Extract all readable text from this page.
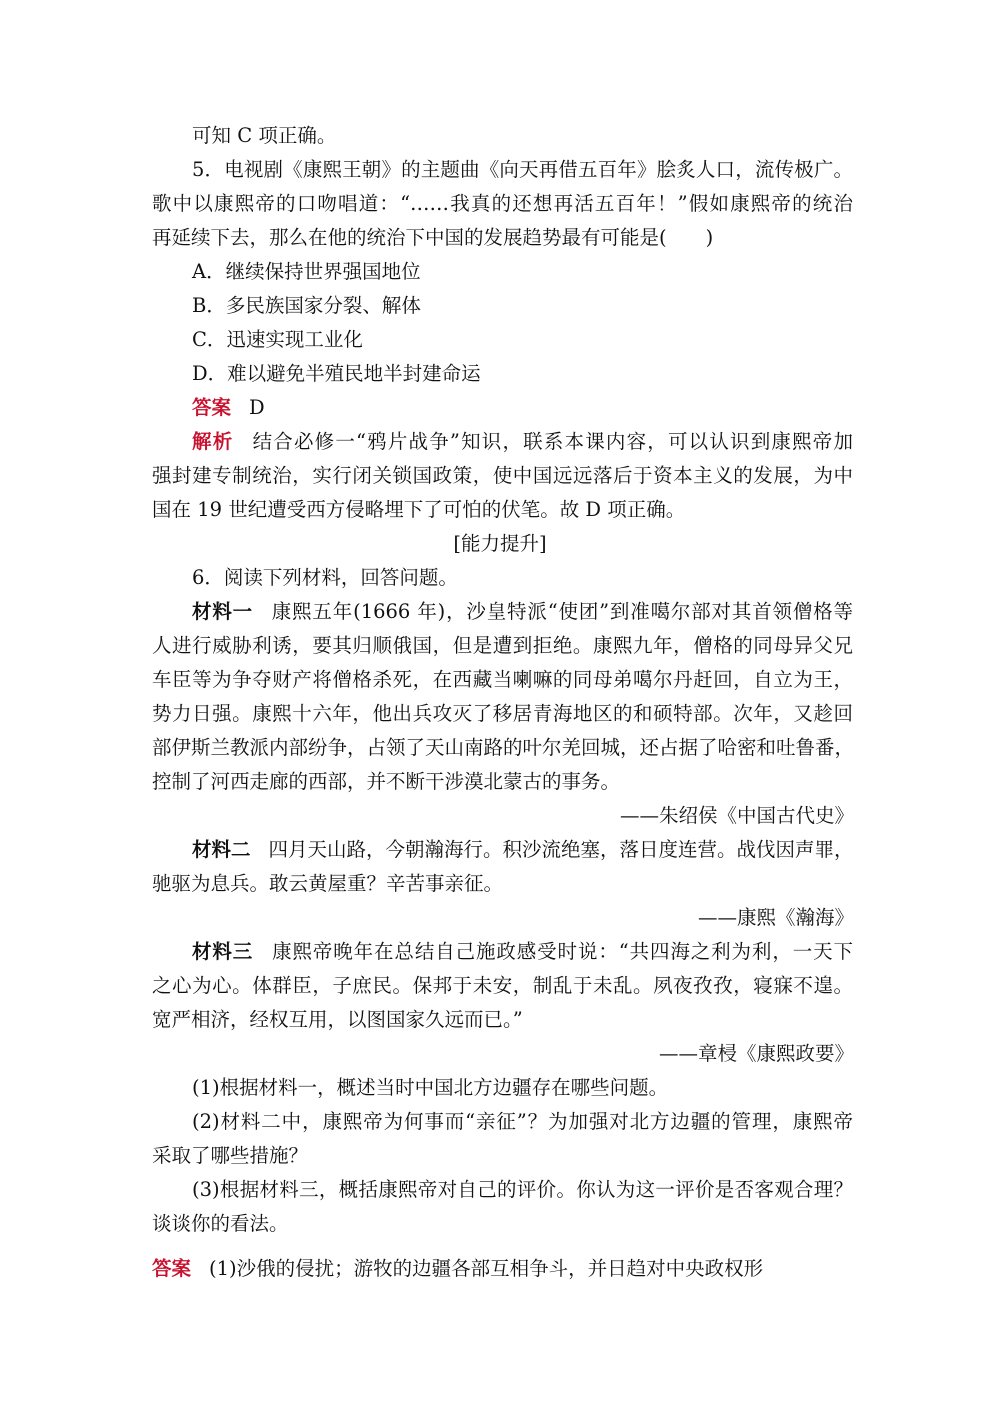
可知 C 项正确。
5．电视剧《康熙王朝》的主题曲《向天再借五百年》脍炙人口，流传极广。
歌中以康熙帝的口吻唱道：“……我真的还想再活五百年！”假如康熙帝的统治
再延续下去，那么在他的统治下中国的发展趋势最有可能是(　　)
A．继续保持世界强国地位
B．多民族国家分裂、解体
C．迅速实现工业化
D．难以避免半殖民地半封建命运
答案 D
解析 结合必修一“鸦片战争”知识，联系本课内容，可以认识到康熙帝加
强封建专制统治，实行闭关锁国政策，使中国远远落后于资本主义的发展，为中
国在 19 世纪遭受西方侵略埋下了可怕的伏笔。故 D 项正确。
[能力提升]
6．阅读下列材料，回答问题。
材料一 康熙五年(1666 年)，沙皇特派“使团”到准噶尔部对其首领僧格等
人进行威胁利诱，要其归顺俄国，但是遭到拒绝。康熙九年，僧格的同母异父兄
车臣等为争夺财产将僧格杀死，在西藏当喇嘛的同母弟噶尔丹赶回，自立为王，
势力日强。康熙十六年，他出兵攻灭了移居青海地区的和硕特部。次年，又趁回
部伊斯兰教派内部纷争，占领了天山南路的叶尔羌回城，还占据了哈密和吐鲁番，
控制了河西走廊的西部，并不断干涉漠北蒙古的事务。
——朱绍侯《中国古代史》
材料二 四月天山路，今朝瀚海行。积沙流绝塞，落日度连营。战伐因声罪，
驰驱为息兵。敢云黄屋重？辛苦事亲征。
——康熙《瀚海》
材料三 康熙帝晚年在总结自己施政感受时说：“共四海之利为利，一天下
之心为心。体群臣，子庶民。保邦于未安，制乱于未乱。夙夜孜孜，寝寐不遑。
宽严相济，经权互用，以图国家久远而已。”
——章梫《康熙政要》
(1)根据材料一，概述当时中国北方边疆存在哪些问题。
(2)材料二中，康熙帝为何事而“亲征”？为加强对北方边疆的管理，康熙帝
采取了哪些措施？
(3)根据材料三，概括康熙帝对自己的评价。你认为这一评价是否客观合理？
谈谈你的看法。
答案 (1)沙俄的侵扰；游牧的边疆各部互相争斗，并日趋对中央政权形
